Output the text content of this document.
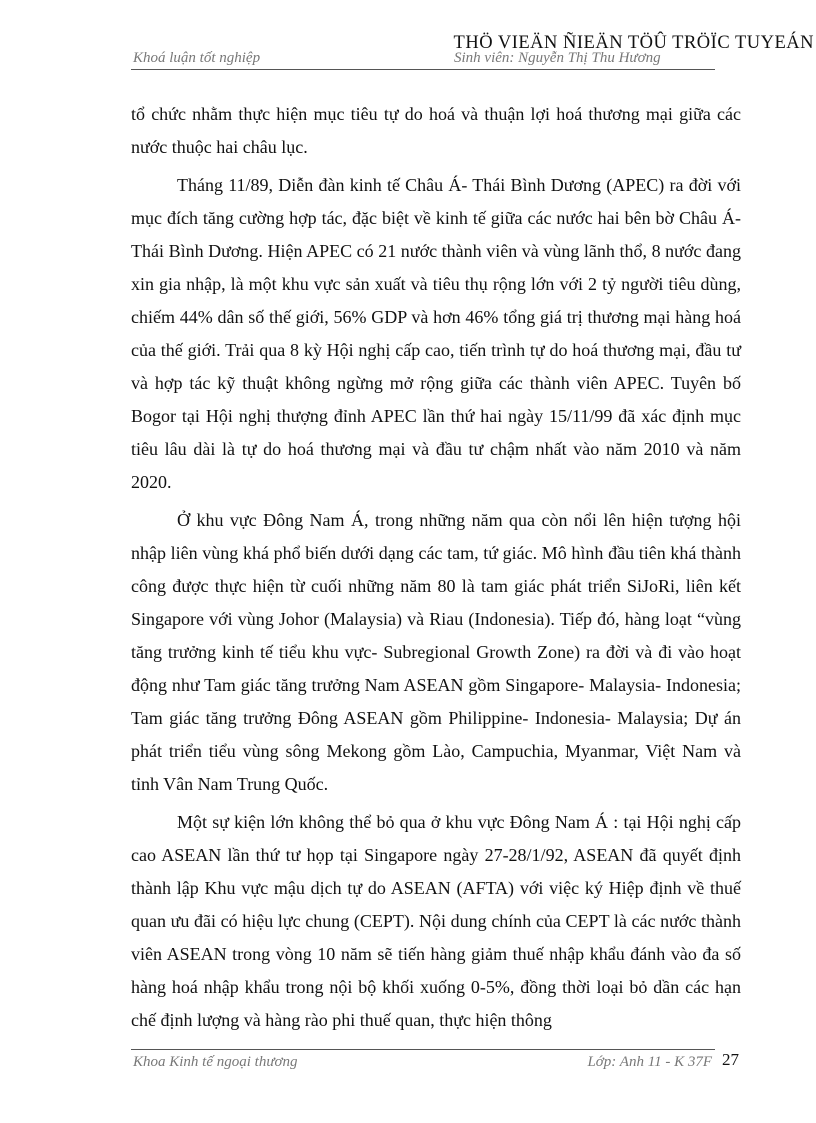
THÖ VIEÄN ÑIEÄN TÖÛ TRÖÏC TUYEÁN
Khoá luận tốt nghiệp	Sinh viên: Nguyễn Thị Thu Hương

tổ chức nhằm thực hiện mục tiêu tự do hoá và thuận lợi hoá thương mại giữa các nước thuộc hai châu lục.

Tháng 11/89, Diễn đàn kinh tế Châu Á- Thái Bình Dương (APEC) ra đời với mục đích tăng cường hợp tác, đặc biệt về kinh tế giữa các nước hai bên bờ Châu Á- Thái Bình Dương. Hiện APEC có 21 nước thành viên và vùng lãnh thổ, 8 nước đang xin gia nhập, là một khu vực sản xuất và tiêu thụ rộng lớn với 2 tỷ người tiêu dùng, chiếm 44% dân số thế giới, 56% GDP và hơn 46% tổng giá trị thương mại hàng hoá của thế giới. Trải qua 8 kỳ Hội nghị cấp cao, tiến trình tự do hoá thương mại, đầu tư và hợp tác kỹ thuật không ngừng mở rộng giữa các thành viên APEC. Tuyên bố Bogor tại Hội nghị thượng đỉnh APEC lần thứ hai ngày 15/11/99 đã xác định mục tiêu lâu dài là tự do hoá thương mại và đầu tư chậm nhất vào năm 2010 và năm 2020.

Ở khu vực Đông Nam Á, trong những năm qua còn nổi lên hiện tượng hội nhập liên vùng khá phổ biến dưới dạng các tam, tứ giác. Mô hình đầu tiên khá thành công được thực hiện từ cuối những năm 80 là tam giác phát triển SiJoRi, liên kết Singapore với vùng Johor (Malaysia) và Riau (Indonesia). Tiếp đó, hàng loạt “vùng tăng trưởng kinh tế tiểu khu vực- Subregional Growth Zone) ra đời và đi vào hoạt động như Tam giác tăng trưởng Nam ASEAN gồm Singapore- Malaysia- Indonesia; Tam giác tăng trưởng Đông ASEAN gồm Philippine- Indonesia- Malaysia; Dự án phát triển tiểu vùng sông Mekong gồm Lào, Campuchia, Myanmar, Việt Nam và tỉnh Vân Nam Trung Quốc.

Một sự kiện lớn không thể bỏ qua ở khu vực Đông Nam Á : tại Hội nghị cấp cao ASEAN lần thứ tư họp tại Singapore ngày 27-28/1/92, ASEAN đã quyết định thành lập Khu vực mậu dịch tự do ASEAN (AFTA) với việc ký Hiệp định về thuế quan ưu đãi có hiệu lực chung (CEPT). Nội dung chính của CEPT là các nước thành viên ASEAN trong vòng 10 năm sẽ tiến hàng giảm thuế nhập khẩu đánh vào đa số hàng hoá nhập khẩu trong nội bộ khối xuống 0-5%, đồng thời loại bỏ dần các hạn chế định lượng và hàng rào phi thuế quan, thực hiện thông

Khoa Kinh tế ngoại thương	Lớp: Anh 11 - K 37F 27
